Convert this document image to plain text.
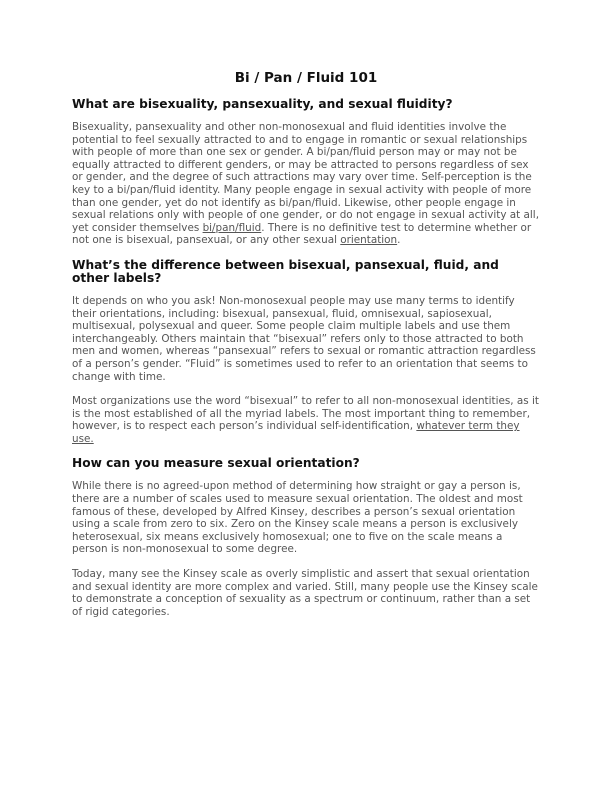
Bi / Pan / Fluid 101
What are bisexuality, pansexuality, and sexual fluidity?

Bisexuality, pansexuality and other non-monosexual and fluid identities involve the potential to feel sexually attracted to and to engage in romantic or sexual relationships with people of more than one sex or gender. A bi/pan/fluid person may or may not be equally attracted to different genders, or may be attracted to persons regardless of sex or gender, and the degree of such attractions may vary over time. Self-perception is the key to a bi/pan/fluid identity. Many people engage in sexual activity with people of more than one gender, yet do not identify as bi/pan/fluid. Likewise, other people engage in sexual relations only with people of one gender, or do not engage in sexual activity at all, yet consider themselves bi/pan/fluid. There is no definitive test to determine whether or not one is bisexual, pansexual, or any other sexual orientation.

What’s the difference between bisexual, pansexual, fluid, and other labels?

It depends on who you ask! Non-monosexual people may use many terms to identify their orientations, including: bisexual, pansexual, fluid, omnisexual, sapiosexual, multisexual, polysexual and queer. Some people claim multiple labels and use them interchangeably. Others maintain that “bisexual” refers only to those attracted to both men and women, whereas “pansexual” refers to sexual or romantic attraction regardless of a person’s gender. “Fluid” is sometimes used to refer to an orientation that seems to change with time.

Most organizations use the word “bisexual” to refer to all non-monosexual identities, as it is the most established of all the myriad labels. The most important thing to remember, however, is to respect each person’s individual self-identification, whatever term they use.

How can you measure sexual orientation?

While there is no agreed-upon method of determining how straight or gay a person is, there are a number of scales used to measure sexual orientation. The oldest and most famous of these, developed by Alfred Kinsey, describes a person’s sexual orientation using a scale from zero to six. Zero on the Kinsey scale means a person is exclusively heterosexual, six means exclusively homosexual; one to five on the scale means a person is non-monosexual to some degree.

Today, many see the Kinsey scale as overly simplistic and assert that sexual orientation and sexual identity are more complex and varied. Still, many people use the Kinsey scale to demonstrate a conception of sexuality as a spectrum or continuum, rather than a set of rigid categories.
